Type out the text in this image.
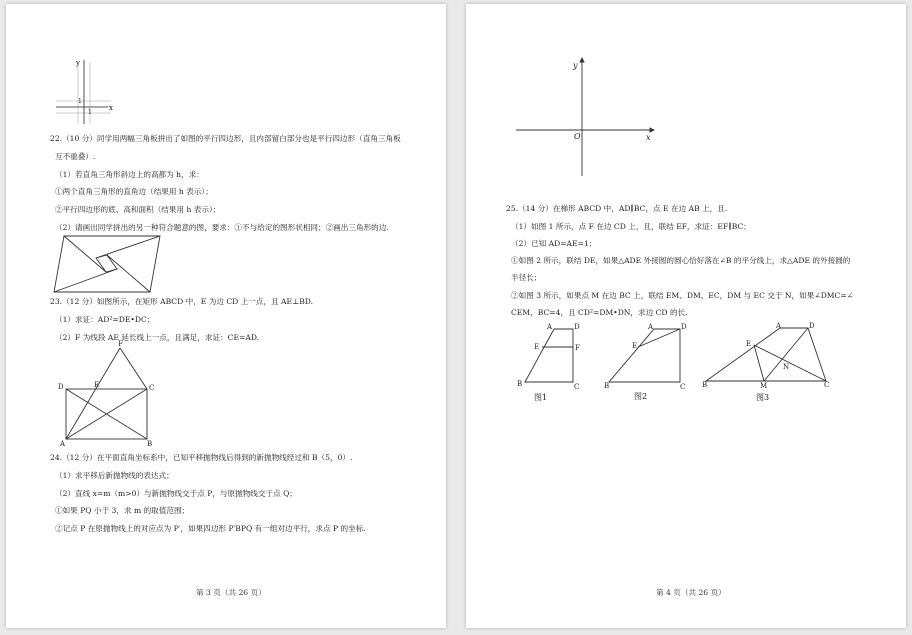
y
x
1
1
22.（10 分）同学用两幅三角板拼出了如图的平行四边形，且内部留白部分也是平行四边形（直角三角板
互不重叠）.
（1）若直角三角形斜边上的高都为 h，求：
①两个直角三角形的直角边（结果用 h 表示）；
②平行四边形的底、高和面积（结果用 h 表示）；
（2）请画出同学拼出的另一种符合题意的图，要求：①不与给定的图形状相同；②画出三角形的边.
23.（12 分）如图所示，在矩形 ABCD 中，E 为边 CD 上一点，且 AE⊥BD.
（1）求证：AD²=DE•DC；
（2）F 为线段 AE 延长线上一点，且满足，求证：CE=AD.
F
D	E	C
A	B
24.（12 分）在平面直角坐标系中，已知平移抛物线后得到的新抛物线经过和 B（5，0）.
（1）求平移后新抛物线的表达式；
（2）直线 x=m（m>0）与新抛物线交于点 P，与原抛物线交于点 Q；
①如果 PQ 小于 3，求 m 的取值范围；
②记点 P 在原抛物线上的对应点为 P′，如果四边形 P′BPQ 有一组对边平行，求点 P 的坐标.
第 3 页（共 26 页）
y
x
O
25.（14 分）在梯形 ABCD 中，AD∥BC，点 E 在边 AB 上，且.
（1）如图 1 所示，点 F 在边 CD 上，且，联结 EF，求证：EF∥BC；
（2）已知 AD=AE=1；
①如图 2 所示，联结 DE，如果△ADE 外接圆的圆心恰好落在∠B 的平分线上，求△ADE 的外接圆的
半径长；
②如图 3 所示，如果点 M 在边 BC 上，联结 EM、DM、EC，DM 与 EC 交于 N，如果∠DMC=∠
CEM，BC=4，且 CD²=DM•DN，求边 CD 的长.
A	D
E	F
B	C
图1
A	D
E
B	C
图2
A	D
E
N
B	M	C
图3
第 4 页（共 26 页）
